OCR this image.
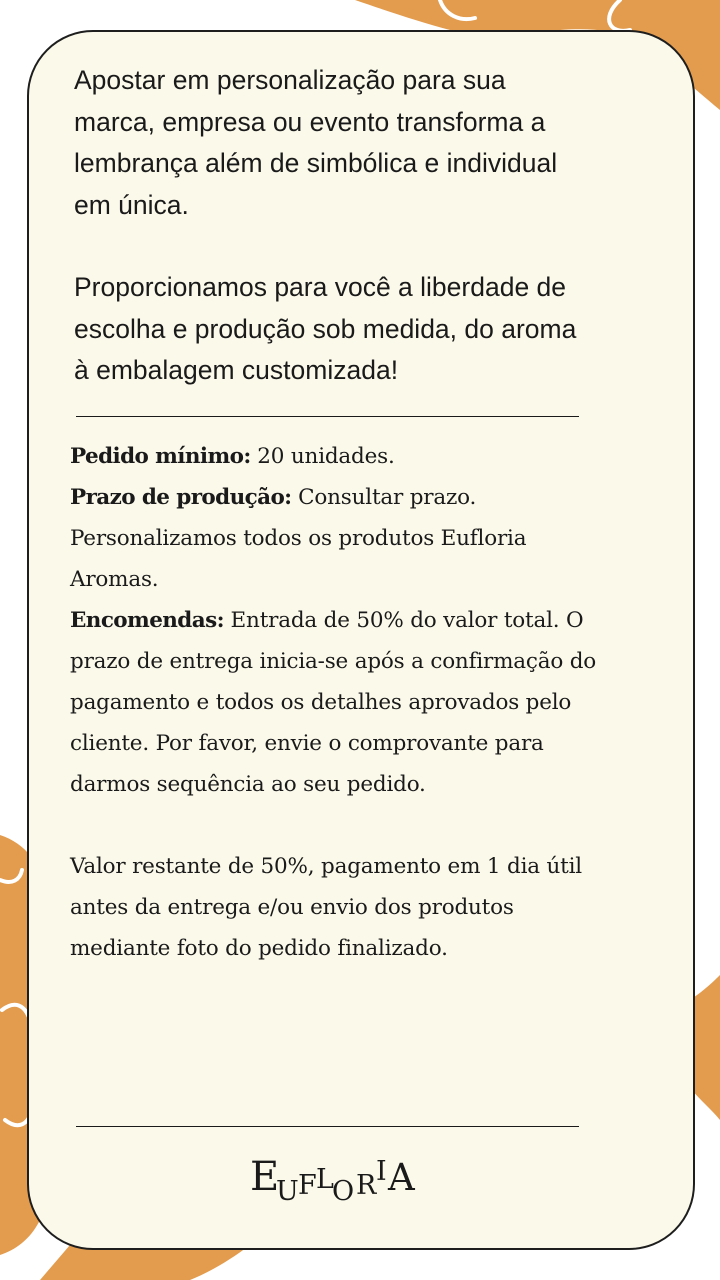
Apostar em personalização para sua marca, empresa ou evento transforma a lembrança além de simbólica e individual em única.

Proporcionamos para você a liberdade de escolha e produção sob medida, do aroma à embalagem customizada!

Pedido mínimo: 20 unidades.

Prazo de produção: Consultar prazo. Personalizamos todos os produtos Eufloria Aromas.

Encomendas: Entrada de 50% do valor total. O prazo de entrega inicia-se após a confirmação do pagamento e todos os detalhes aprovados pelo cliente. Por favor, envie o comprovante para darmos sequência ao seu pedido.

Valor restante de 50%, pagamento em 1 dia útil antes da entrega e/ou envio dos produtos mediante foto do pedido finalizado.

E
U F L
O R I A
